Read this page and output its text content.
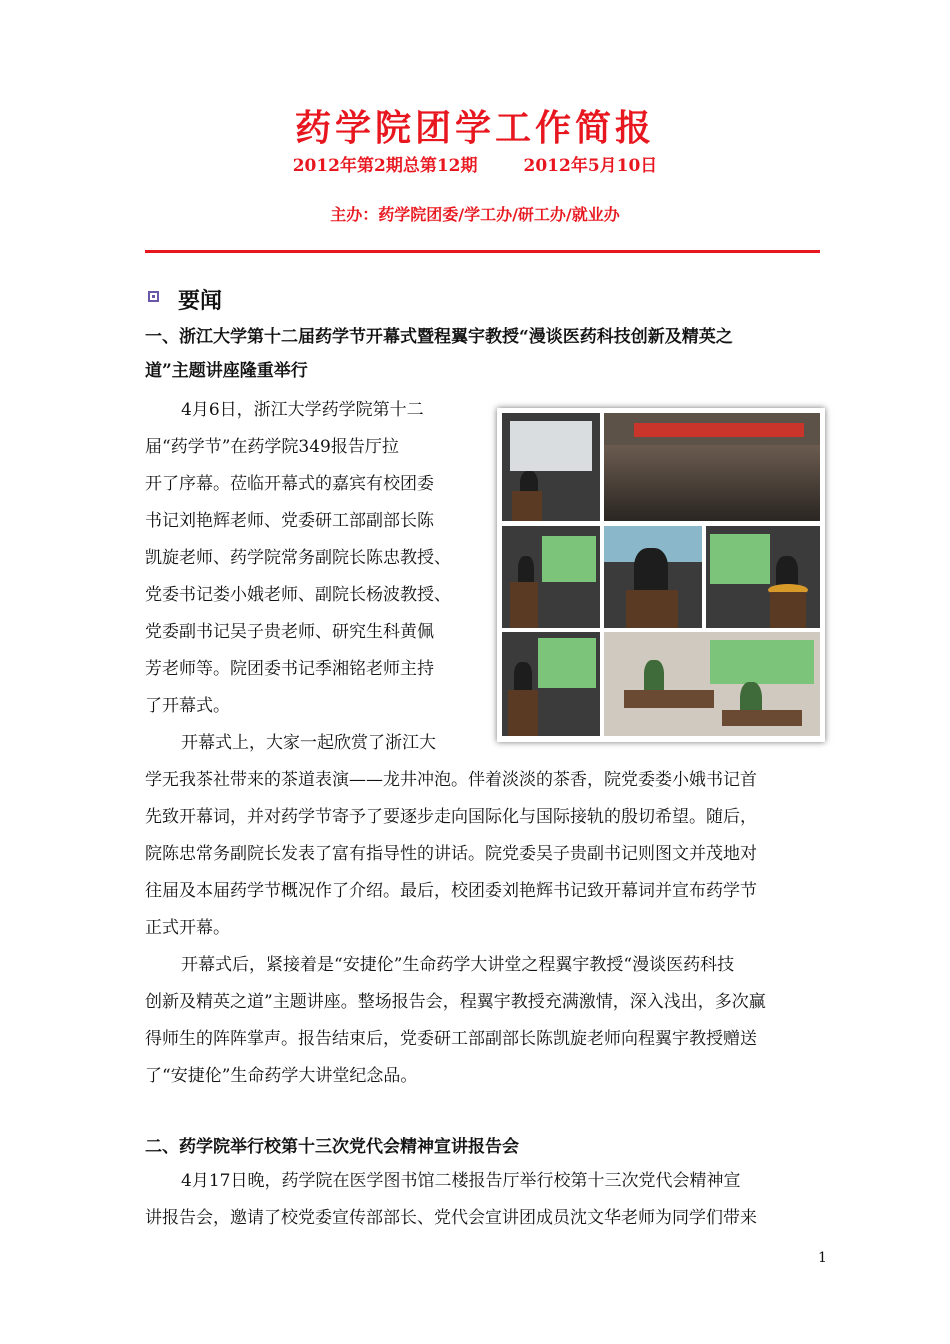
药学院团学工作简报
2012年第2期总第12期	2012年5月10日
主办：药学院团委/学工办/研工办/就业办
要闻
一、浙江大学第十二届药学节开幕式暨程翼宇教授“漫谈医药科技创新及精英之
道”主题讲座隆重举行
4月6日，浙江大学药学院第十二
届“药学节”在药学院349报告厅拉
开了序幕。莅临开幕式的嘉宾有校团委
书记刘艳辉老师、党委研工部副部长陈
凯旋老师、药学院常务副院长陈忠教授、
党委书记娄小娥老师、副院长杨波教授、
党委副书记吴子贵老师、研究生科黄佩
芳老师等。院团委书记季湘铭老师主持
了开幕式。
开幕式上，大家一起欣赏了浙江大
学无我茶社带来的茶道表演——龙井冲泡。伴着淡淡的茶香，院党委娄小娥书记首
先致开幕词，并对药学节寄予了要逐步走向国际化与国际接轨的殷切希望。随后，
院陈忠常务副院长发表了富有指导性的讲话。院党委吴子贵副书记则图文并茂地对
往届及本届药学节概况作了介绍。最后，校团委刘艳辉书记致开幕词并宣布药学节
正式开幕。
开幕式后，紧接着是“安捷伦”生命药学大讲堂之程翼宇教授“漫谈医药科技
创新及精英之道”主题讲座。整场报告会，程翼宇教授充满激情，深入浅出，多次赢
得师生的阵阵掌声。报告结束后，党委研工部副部长陈凯旋老师向程翼宇教授赠送
了“安捷伦”生命药学大讲堂纪念品。
二、药学院举行校第十三次党代会精神宣讲报告会
4月17日晚，药学院在医学图书馆二楼报告厅举行校第十三次党代会精神宣
讲报告会，邀请了校党委宣传部部长、党代会宣讲团成员沈文华老师为同学们带来
1
